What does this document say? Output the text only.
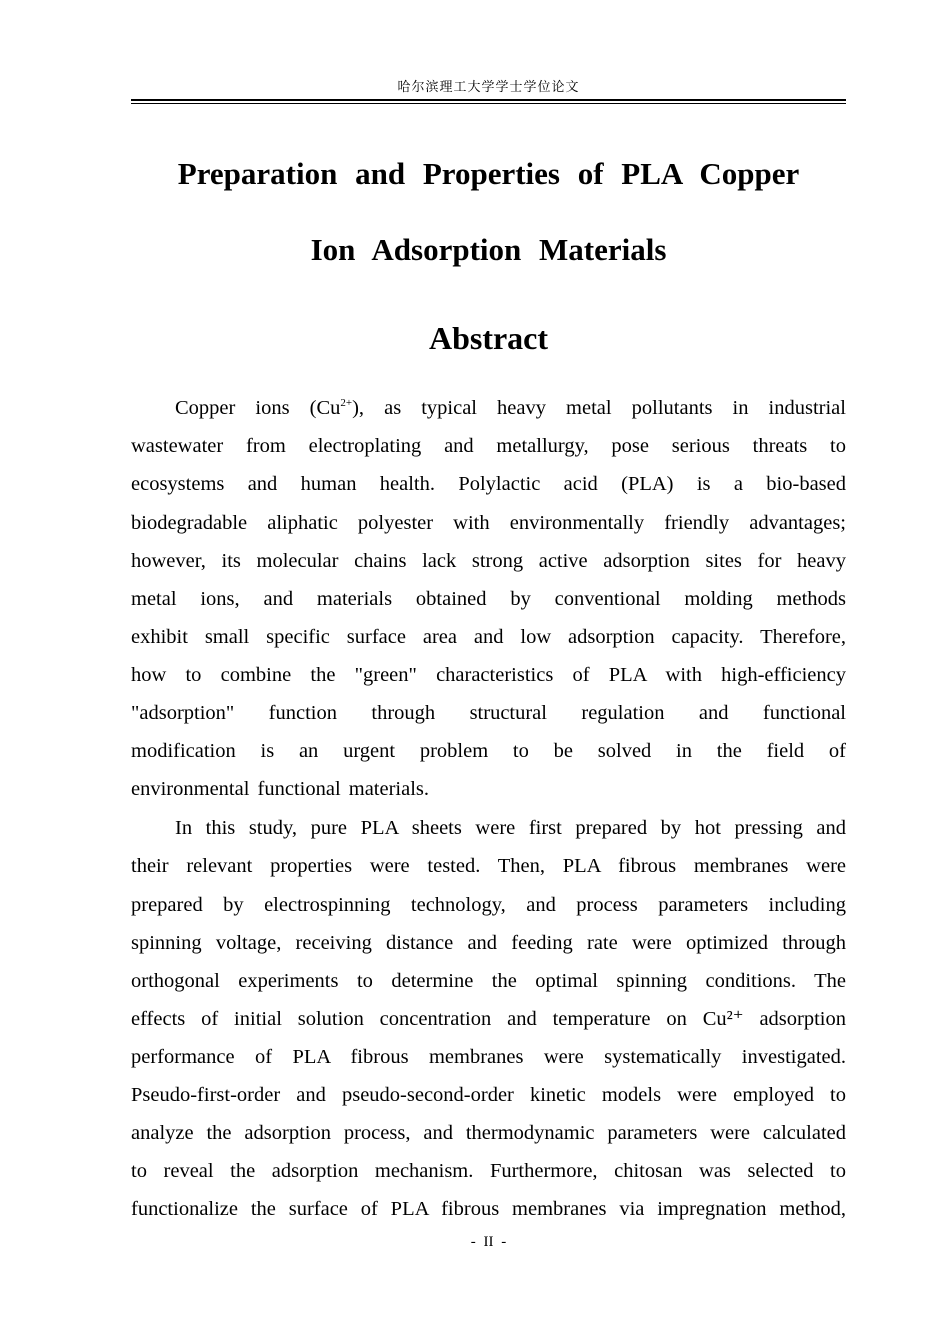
哈尔滨理工大学学士学位论文
Preparation and Properties of PLA Copper
Ion Adsorption Materials
Abstract
Copper ions $(Cu^{2+})$, as typical heavy metal pollutants in industrial
wastewater from electroplating and metallurgy, pose serious threats to
ecosystems and human health. Polylactic acid (PLA) is a bio-based
biodegradable aliphatic polyester with environmentally friendly advantages;
however, its molecular chains lack strong active adsorption sites for heavy
metal ions, and materials obtained by conventional molding methods
exhibit small specific surface area and low adsorption capacity. Therefore,
how to combine the "green" characteristics of PLA with high-efficiency
"adsorption" function through structural regulation and functional
modification is an urgent problem to be solved in the field of
environmental functional materials.
In this study, pure PLA sheets were first prepared by hot pressing and
their relevant properties were tested. Then, PLA fibrous membranes were
prepared by electrospinning technology, and process parameters including
spinning voltage, receiving distance and feeding rate were optimized through
orthogonal experiments to determine the optimal spinning conditions. The
effects of initial solution concentration and temperature on Cu²⁺ adsorption
performance of PLA fibrous membranes were systematically investigated.
Pseudo-first-order and pseudo-second-order kinetic models were employed to
analyze the adsorption process, and thermodynamic parameters were calculated
to reveal the adsorption mechanism. Furthermore, chitosan was selected to
functionalize the surface of PLA fibrous membranes via impregnation method,
- II -
